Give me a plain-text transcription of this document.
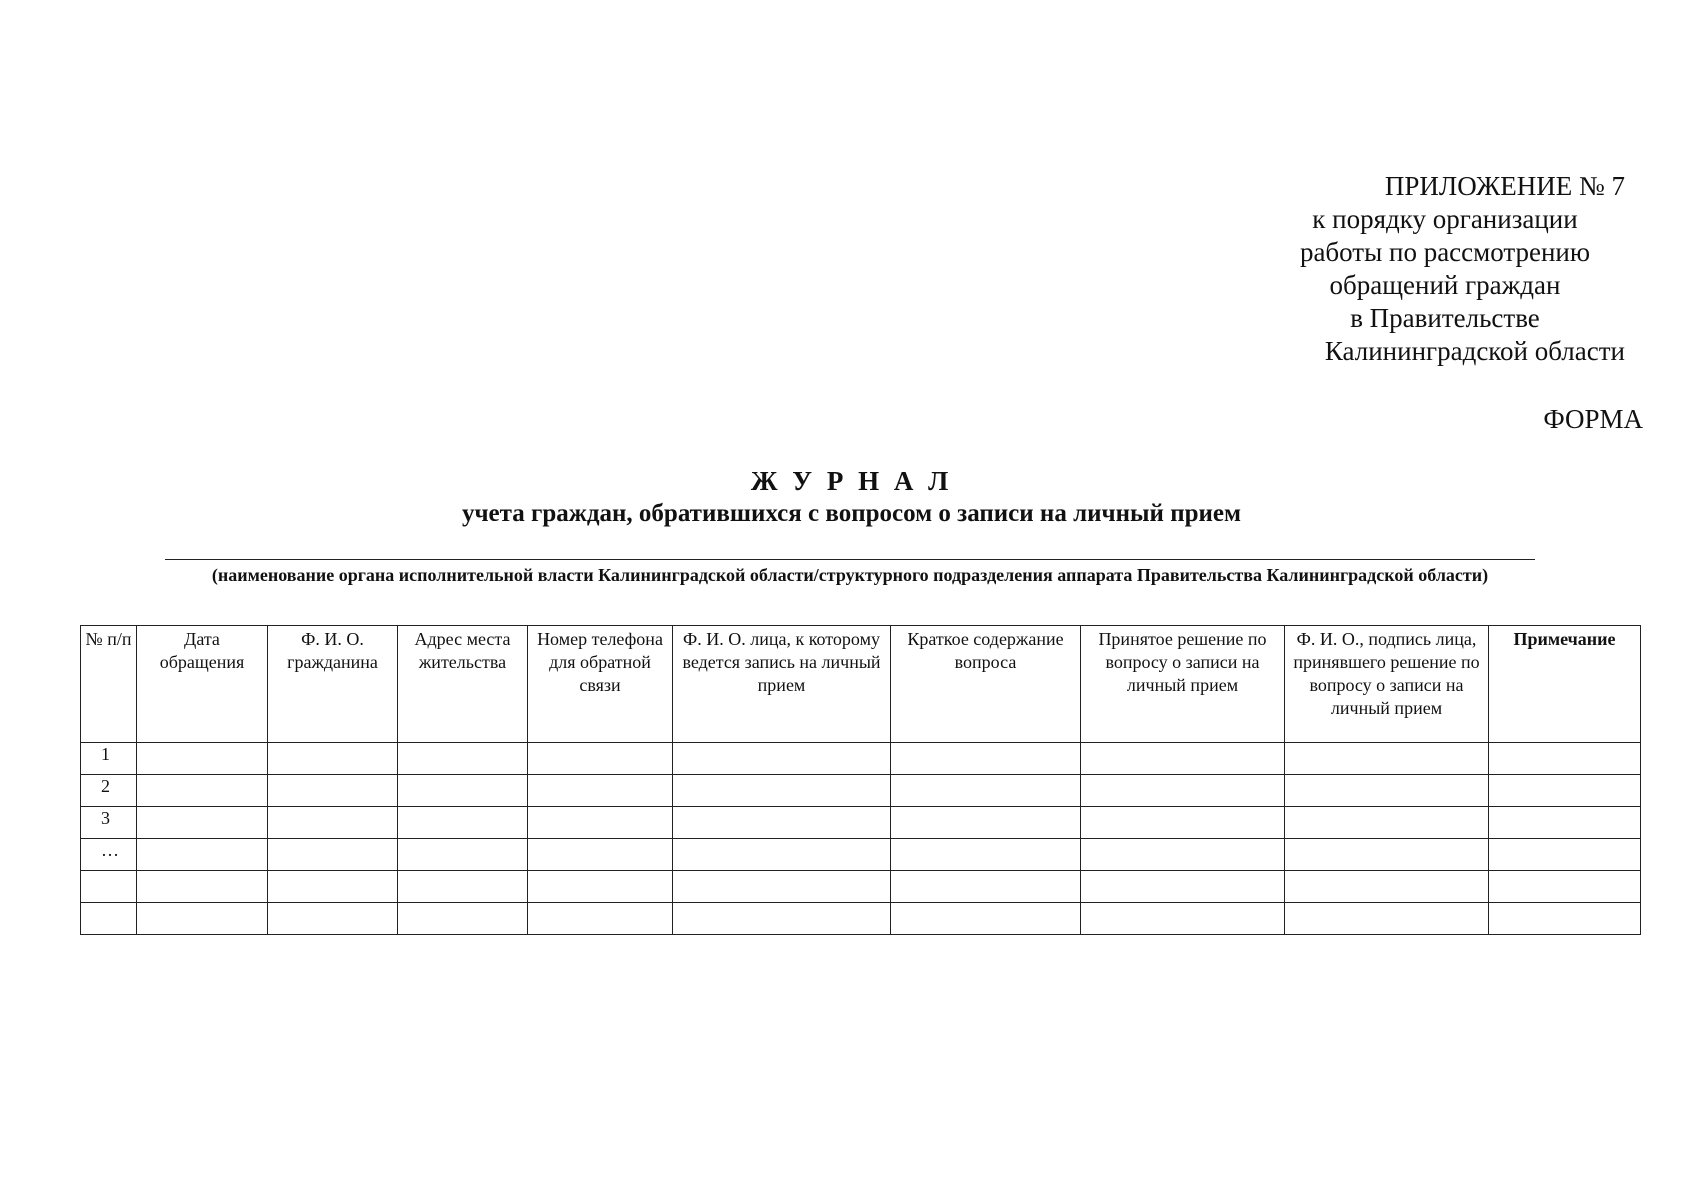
ПРИЛОЖЕНИЕ № 7
к порядку организации
работы по рассмотрению
обращений граждан
в Правительстве
Калининградской области
ФОРМА
Ж У Р Н А Л
учета граждан, обратившихся с вопросом о записи на личный прием
(наименование органа исполнительной власти Калининградской области/структурного подразделения аппарата Правительства Калининградской области)
№ п/п	Дата обращения	Ф. И. О. гражданина	Адрес места жительства	Номер телефона для обратной связи	Ф. И. О. лица, к которому ведется запись на личный прием	Краткое содержание вопроса	Принятое решение по вопросу о записи на личный прием	Ф. И. О., подпись лица, принявшего решение по вопросу о записи на личный прием	Примечание
1									
2									
3									
…									
